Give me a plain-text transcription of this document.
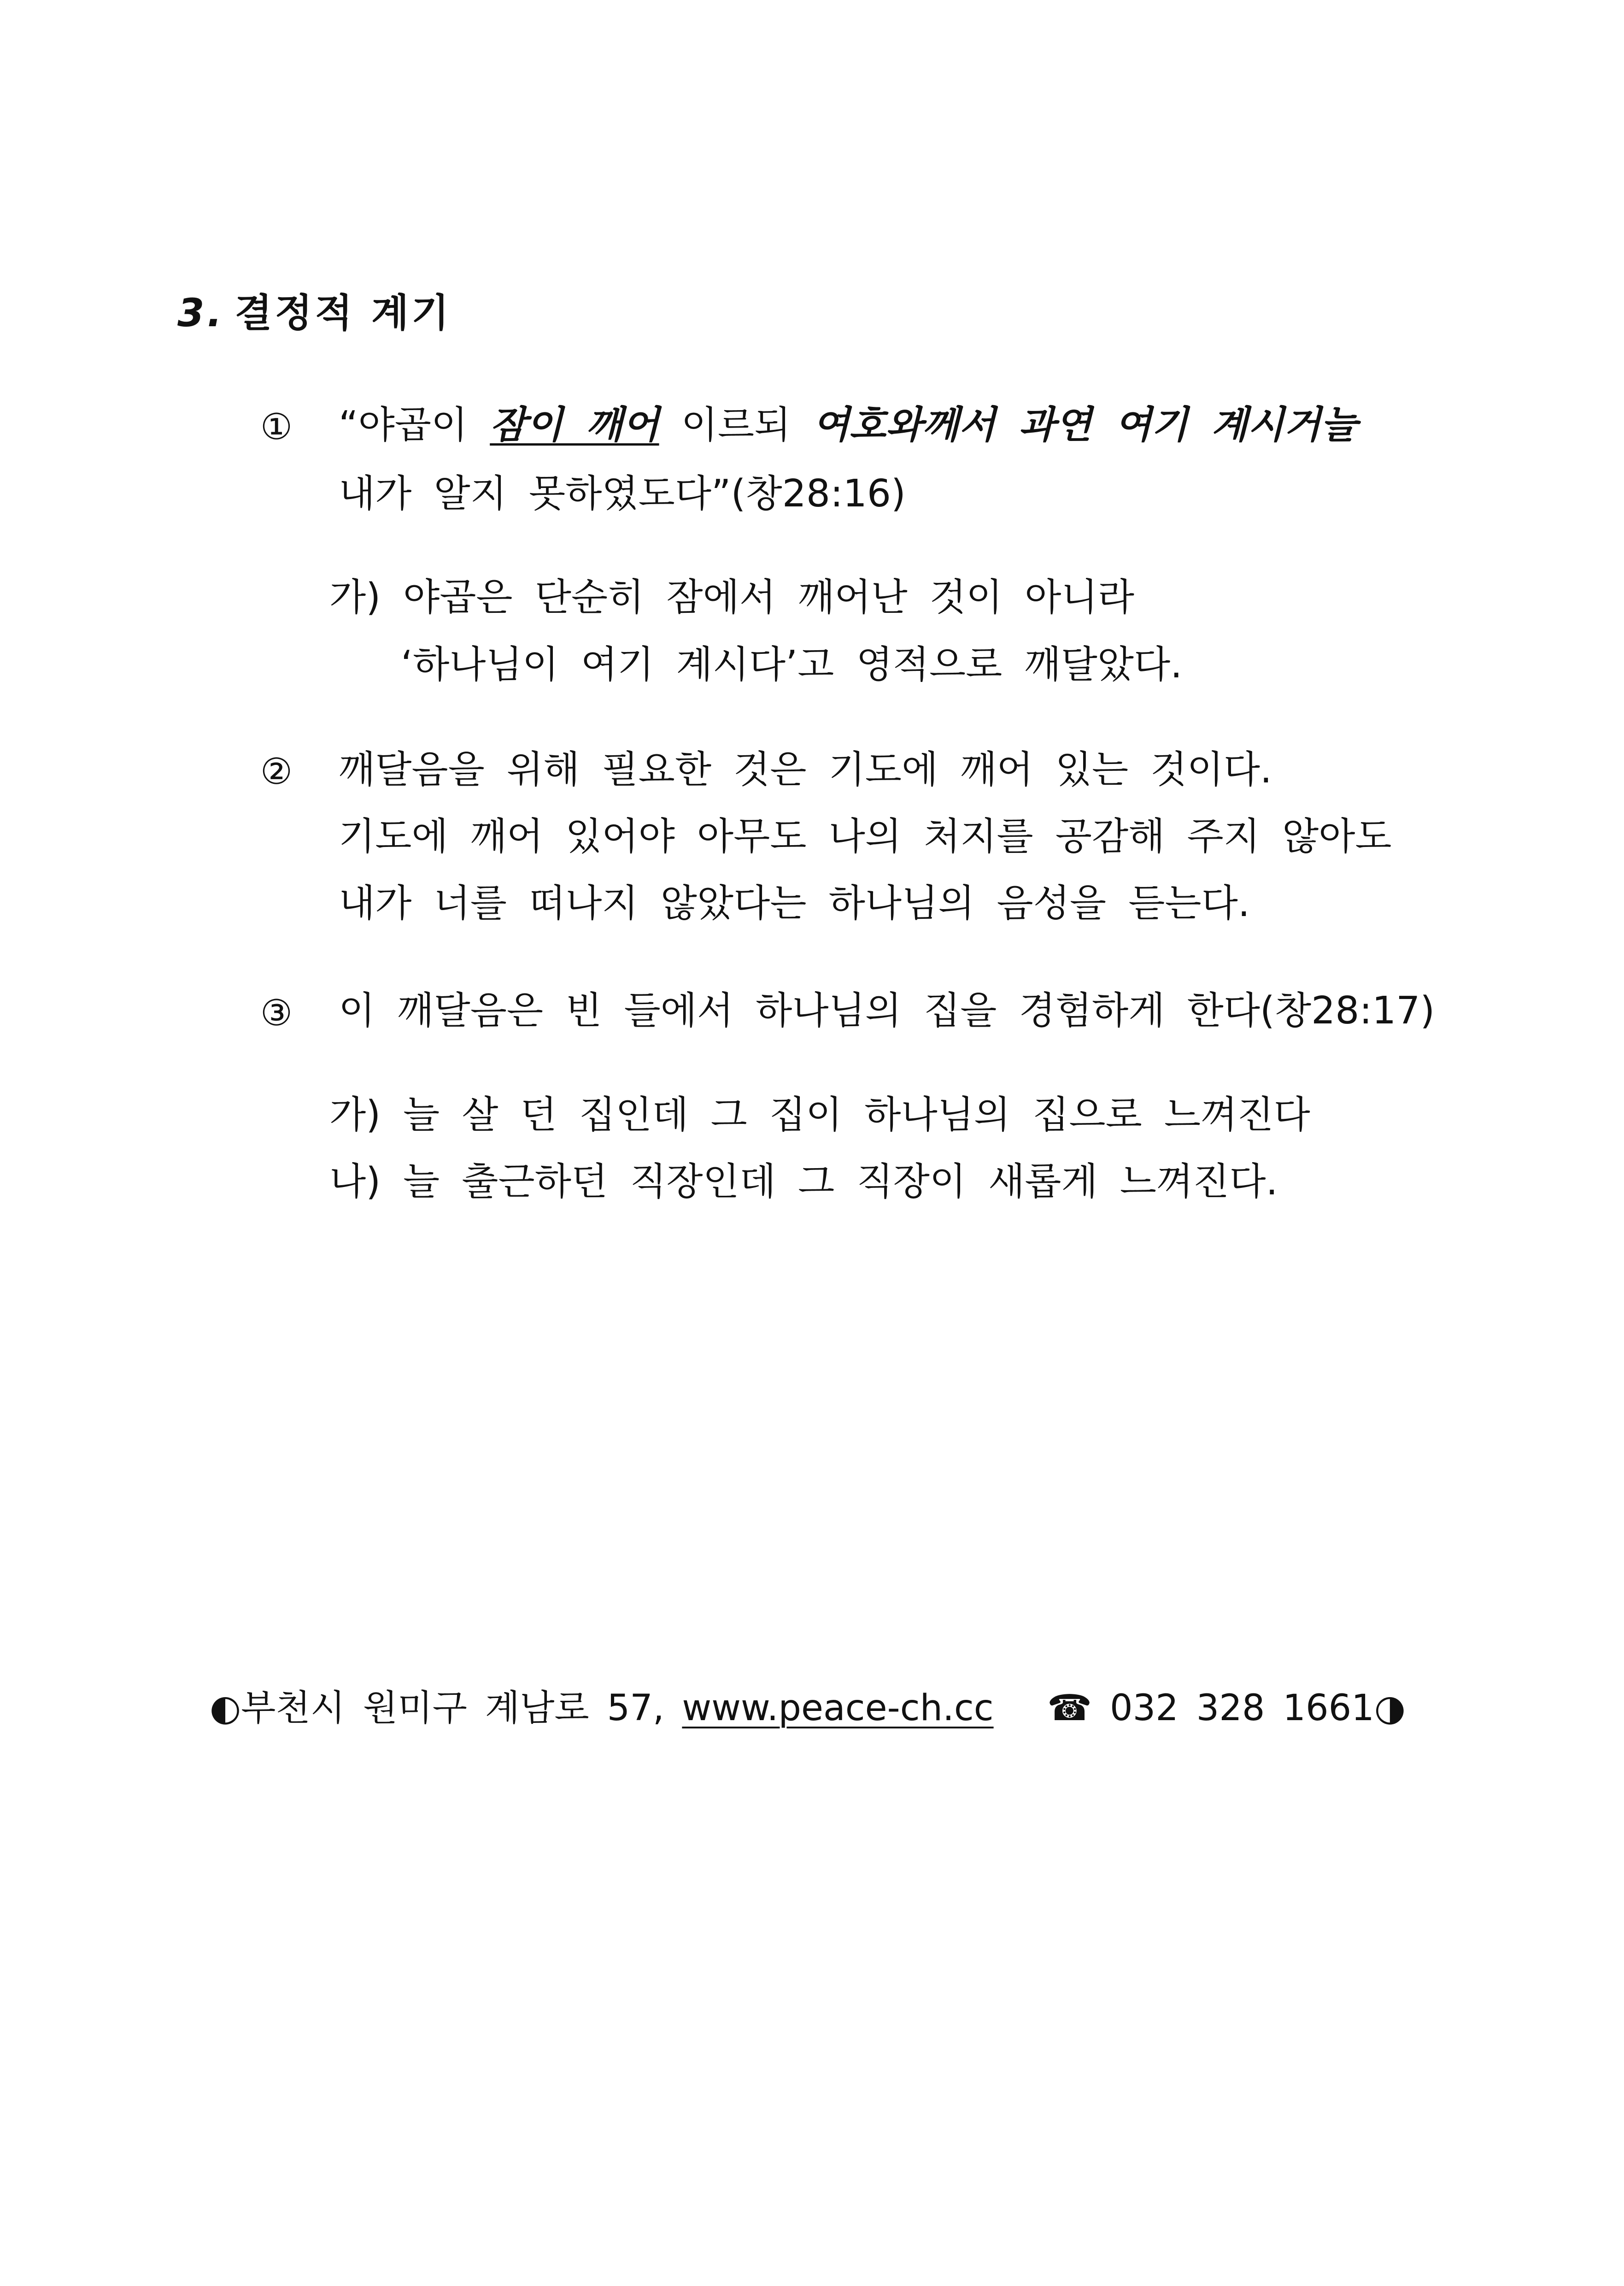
3. 결정적 계기
① “야곱이 잠이 깨어 이르되 여호와께서 과연 여기 계시거늘
내가 알지 못하였도다”(창28:16)
가) 야곱은 단순히 잠에서 깨어난 것이 아니라
‘하나님이 여기 계시다’고 영적으로 깨달았다.
② 깨달음을 위해 필요한 것은 기도에 깨어 있는 것이다.
기도에 깨어 있어야 아무도 나의 처지를 공감해 주지 않아도
내가 너를 떠나지 않았다는 하나님의 음성을 듣는다.
③ 이 깨달음은 빈 들에서 하나님의 집을 경험하게 한다(창28:17)
가) 늘 살 던 집인데 그 집이 하나님의 집으로 느껴진다
나) 늘 출근하던 직장인데 그 직장이 새롭게 느껴진다.
◐부천시 원미구 계남로 57, www.peace-ch.cc ☎ 032 328 1661◑
